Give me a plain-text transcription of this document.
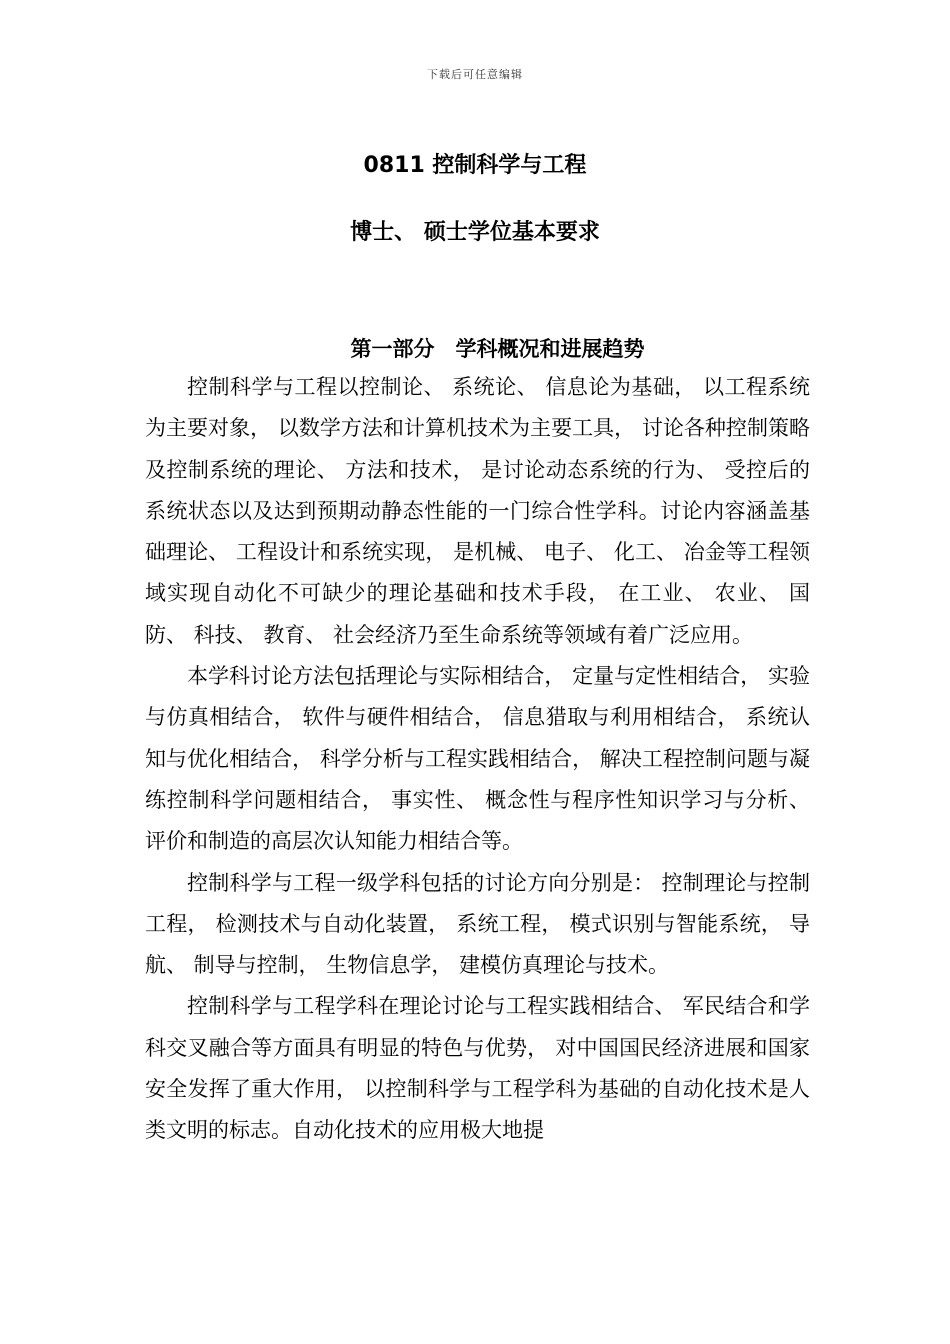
下载后可任意编辑
0811 控制科学与工程
博士、 硕士学位基本要求
第一部分　学科概况和进展趋势

控制科学与工程以控制论、 系统论、 信息论为基础， 以工程系统为主要对象， 以数学方法和计算机技术为主要工具， 讨论各种控制策略及控制系统的理论、 方法和技术， 是讨论动态系统的行为、 受控后的系统状态以及达到预期动静态性能的一门综合性学科。讨论内容涵盖基础理论、 工程设计和系统实现， 是机械、 电子、 化工、 冶金等工程领域实现自动化不可缺少的理论基础和技术手段， 在工业、 农业、 国防、 科技、 教育、 社会经济乃至生命系统等领域有着广泛应用。

本学科讨论方法包括理论与实际相结合， 定量与定性相结合， 实验与仿真相结合， 软件与硬件相结合， 信息猎取与利用相结合， 系统认知与优化相结合， 科学分析与工程实践相结合， 解决工程控制问题与凝练控制科学问题相结合， 事实性、 概念性与程序性知识学习与分析、 评价和制造的高层次认知能力相结合等。

控制科学与工程一级学科包括的讨论方向分别是： 控制理论与控制工程， 检测技术与自动化装置， 系统工程， 模式识别与智能系统， 导航、 制导与控制， 生物信息学， 建模仿真理论与技术。

控制科学与工程学科在理论讨论与工程实践相结合、 军民结合和学科交叉融合等方面具有明显的特色与优势， 对中国国民经济进展和国家安全发挥了重大作用， 以控制科学与工程学科为基础的自动化技术是人类文明的标志。自动化技术的应用极大地提
